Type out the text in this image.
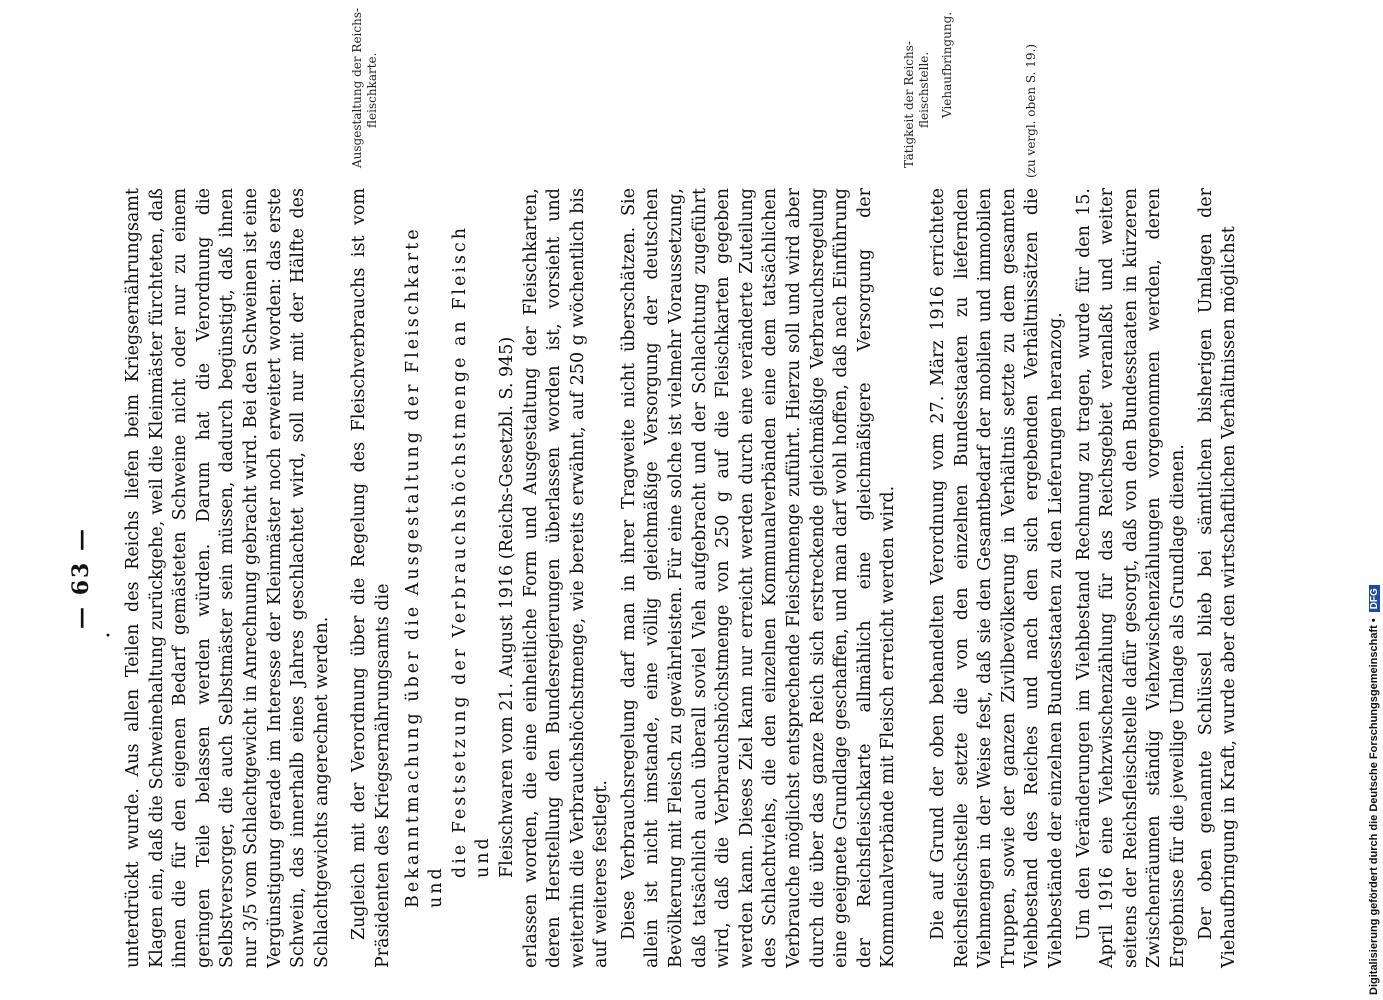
— 63 —
• unterdrückt wurde. Aus allen Teilen des Reichs liefen beim Kriegsernährungsamt Klagen ein, daß die Schweinehaltung zurückgehe, weil die Kleinmäster fürchteten, daß ihnen die für den eigenen Bedarf gemästeten Schweine nicht oder nur zu einem geringen Teile belassen werden würden. Darum hat die Verordnung die Selbstversorger, die auch Selbstmäster sein müssen, dadurch begünstigt, daß ihnen nur 3/5 vom Schlachtgewicht in Anrechnung gebracht wird. Bei den Schweinen ist eine Vergünstigung gerade im Interesse der Kleinmäster noch erweitert worden: das erste Schwein, das innerhalb eines Jahres geschlachtet wird, soll nur mit der Hälfte des Schlachtgewichts angerechnet werden. Zugleich mit der Verordnung über die Regelung des Fleischverbrauchs ist vom Präsidenten des Kriegsernährungsamts die Bekanntmachung über die Ausgestaltung der Fleischkarte und

die Festsetzung der Verbrauchshöchstmenge an Fleisch und Fleischwaren vom 21. August 1916 (Reichs-Gesetzbl. S. 945) erlassen worden, die eine einheitliche Form und Ausgestaltung der Fleischkarten, deren Herstellung den Bundesregierungen überlassen worden ist, vorsieht und weiterhin die Verbrauchshöchstmenge, wie bereits erwähnt, auf 250 g wöchentlich bis auf weiteres festlegt. Diese Verbrauchsregelung darf man in ihrer Tragweite nicht überschätzen. Sie allein ist nicht imstande, eine völlig gleichmäßige Versorgung der deutschen Bevölkerung mit Fleisch zu gewährleisten. Für eine solche ist vielmehr Voraussetzung, daß tatsächlich auch überall soviel Vieh aufgebracht und der Schlachtung zugeführt wird, daß die Verbrauchshöchstmenge von 250 g auf die Fleischkarten gegeben werden kann. Dieses Ziel kann nur erreicht werden durch eine veränderte Zuteilung des Schlachtviehs, die den einzelnen Kommunalverbänden eine dem tatsächlichen Verbrauche möglichst entsprechende Fleischmenge zuführt. Hierzu soll und wird aber durch die über das ganze Reich sich erstreckende gleichmäßige Verbrauchsregelung eine geeignete Grundlage geschaffen, und man darf wohl hoffen, daß nach Einführung der Reichsfleischkarte allmählich eine gleichmäßigere Versorgung der Kommunalverbände mit Fleisch erreicht werden wird. Die auf Grund der oben behandelten Verordnung vom 27. März 1916 errichtete Reichsfleischstelle setzte die von den einzelnen Bundesstaaten zu liefernden Viehmengen in der Weise fest, daß sie den Gesamtbedarf der mobilen und immobilen Truppen, sowie der ganzen Zivilbevölkerung in Verhältnis setzte zu dem gesamten Viehbestand des Reiches und nach den sich ergebenden Verhältnissätzen die Viehbestände der einzelnen Bundesstaaten zu den Lieferungen heranzog. Um den Veränderungen im Viehbestand Rechnung zu tragen, wurde für den 15. April 1916 eine Viehzwischenzählung für das Reichsgebiet veranlaßt und weiter seitens der Reichsfleischstelle dafür gesorgt, daß von den Bundesstaaten in kürzeren Zwischenräumen ständig Viehzwischenzählungen vorgenommen werden, deren Ergebnisse für die jeweilige Umlage als Grundlage dienen. Der oben genannte Schlüssel blieb bei sämtlichen bisherigen Umlagen der Viehaufbringung in Kraft, wurde aber den wirtschaftlichen Verhältnissen möglichst

Ausgestaltung der Reichs- fleischkarte.	Tätigkeit der Reichs- fleischstelle. Viehaufbringung.	(zu vergl. oben S. 19.)
Digitalisierung gefördert durch die Deutsche Forschungsgemeinschaft •DFG
